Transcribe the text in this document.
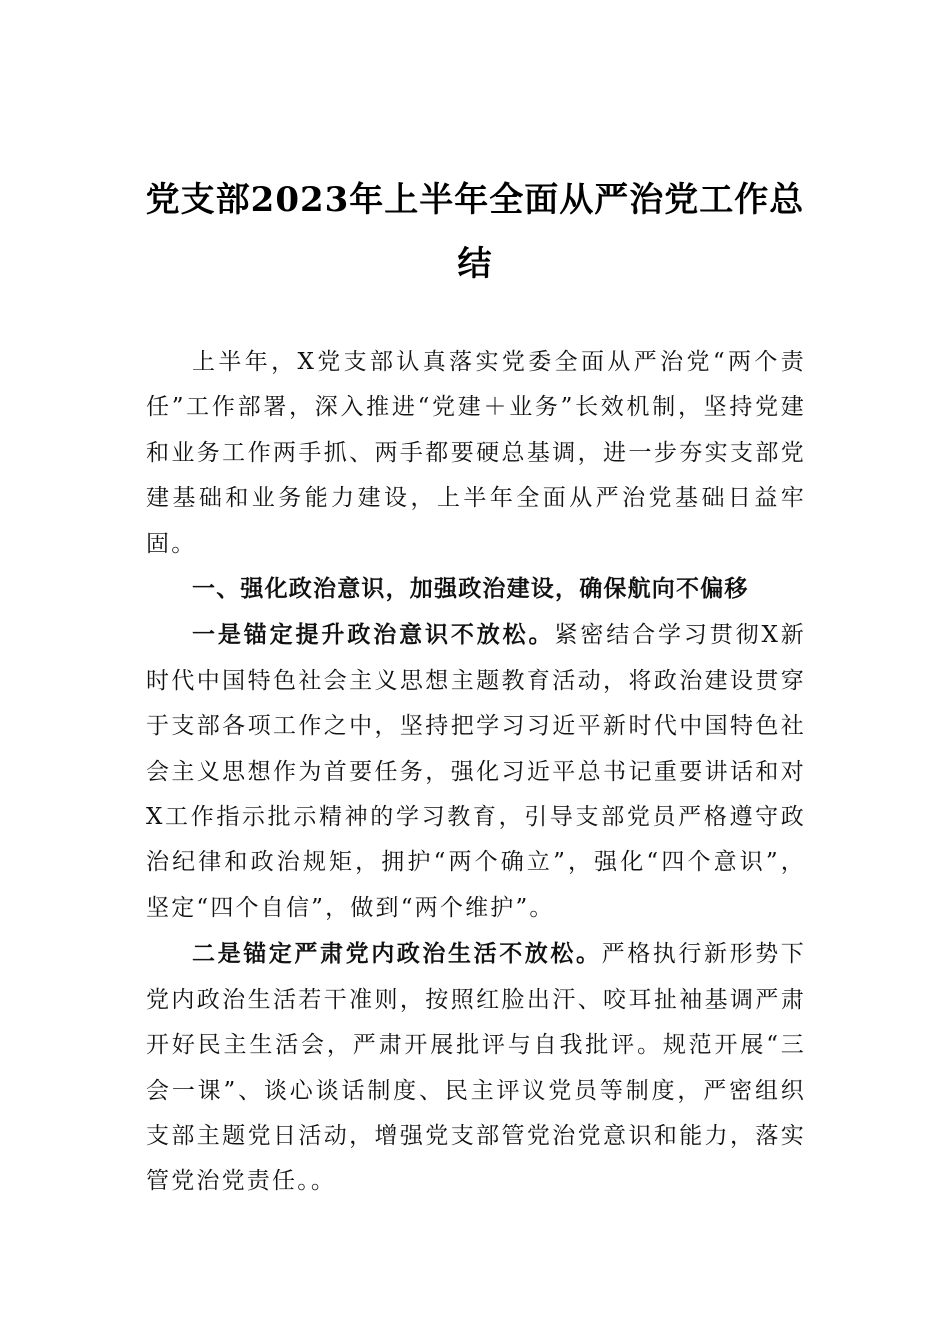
党支部2023年上半年全面从严治党工作总
结

上半年，X党支部认真落实党委全面从严治党“两个责任”工作部署，深入推进“党建＋业务”长效机制，坚持党建和业务工作两手抓、两手都要硬总基调，进一步夯实支部党建基础和业务能力建设，上半年全面从严治党基础日益牢固。

一、强化政治意识，加强政治建设，确保航向不偏移

一是锚定提升政治意识不放松。紧密结合学习贯彻X新时代中国特色社会主义思想主题教育活动，将政治建设贯穿于支部各项工作之中，坚持把学习习近平新时代中国特色社会主义思想作为首要任务，强化习近平总书记重要讲话和对X工作指示批示精神的学习教育，引导支部党员严格遵守政治纪律和政治规矩，拥护“两个确立”，强化“四个意识”，坚定“四个自信”，做到“两个维护”。

二是锚定严肃党内政治生活不放松。严格执行新形势下党内政治生活若干准则，按照红脸出汗、咬耳扯袖基调严肃开好民主生活会，严肃开展批评与自我批评。规范开展“三会一课”、谈心谈话制度、民主评议党员等制度，严密组织支部主题党日活动，增强党支部管党治党意识和能力，落实管党治党责任。。
